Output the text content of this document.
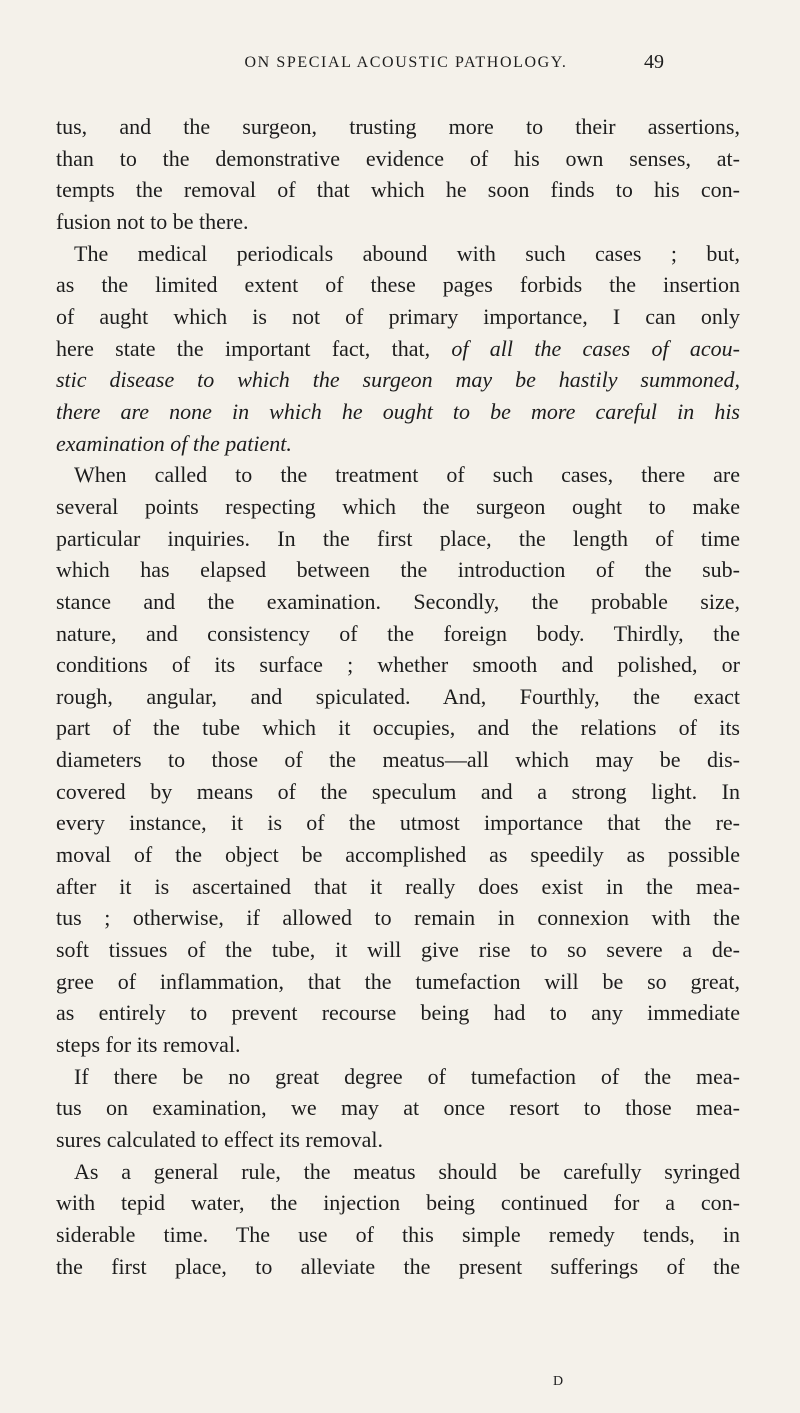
ON SPECIAL ACOUSTIC PATHOLOGY.	49
tus, and the surgeon, trusting more to their assertions,
than to the demonstrative evidence of his own senses, at-
tempts the removal of that which he soon finds to his con-
fusion not to be there.
The medical periodicals abound with such cases ; but,
as the limited extent of these pages forbids the insertion
of aught which is not of primary importance, I can only
here state the important fact, that, of all the cases of acou-
stic disease to which the surgeon may be hastily summoned,
there are none in which he ought to be more careful in his
examination of the patient.
When called to the treatment of such cases, there are
several points respecting which the surgeon ought to make
particular inquiries. In the first place, the length of time
which has elapsed between the introduction of the sub-
stance and the examination. Secondly, the probable size,
nature, and consistency of the foreign body. Thirdly, the
conditions of its surface ; whether smooth and polished, or
rough, angular, and spiculated. And, Fourthly, the exact
part of the tube which it occupies, and the relations of its
diameters to those of the meatus—all which may be dis-
covered by means of the speculum and a strong light. In
every instance, it is of the utmost importance that the re-
moval of the object be accomplished as speedily as possible
after it is ascertained that it really does exist in the mea-
tus ; otherwise, if allowed to remain in connexion with the
soft tissues of the tube, it will give rise to so severe a de-
gree of inflammation, that the tumefaction will be so great,
as entirely to prevent recourse being had to any immediate
steps for its removal.
If there be no great degree of tumefaction of the mea-
tus on examination, we may at once resort to those mea-
sures calculated to effect its removal.
As a general rule, the meatus should be carefully syringed
with tepid water, the injection being continued for a con-
siderable time. The use of this simple remedy tends, in
the first place, to alleviate the present sufferings of the
D
